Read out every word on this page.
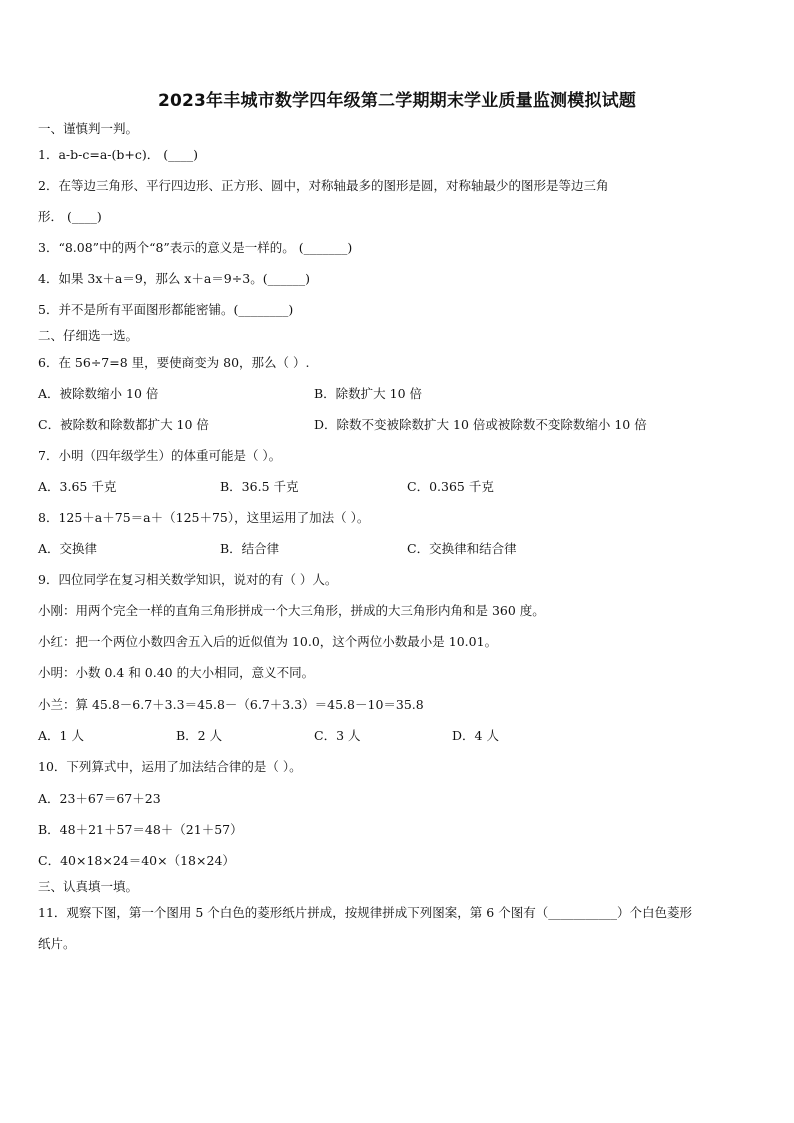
2023年丰城市数学四年级第二学期期末学业质量监测模拟试题
一、谨慎判一判。
1．a-b-c=a-(b+c)． (____)
2．在等边三角形、平行四边形、正方形、圆中，对称轴最多的图形是圆，对称轴最少的图形是等边三角
形． (____)
3．“8.08”中的两个“8”表示的意义是一样的。 (_______)
4．如果 3x＋a＝9，那么 x＋a＝9÷3。(______)
5．并不是所有平面图形都能密铺。(________)
二、仔细选一选。
6．在 56÷7=8 里，要使商变为 80，那么（ ）.
A．被除数缩小 10 倍	B．除数扩大 10 倍
C．被除数和除数都扩大 10 倍	D．除数不变被除数扩大 10 倍或被除数不变除数缩小 10 倍
7．小明（四年级学生）的体重可能是（ ）。
A．3.65 千克	B．36.5 千克	C．0.365 千克
8．125＋a＋75＝a＋（125＋75），这里运用了加法（ ）。
A．交换律	B．结合律	C．交换律和结合律
9．四位同学在复习相关数学知识，说对的有（ ）人。
小刚：用两个完全一样的直角三角形拼成一个大三角形，拼成的大三角形内角和是 360 度。
小红：把一个两位小数四舍五入后的近似值为 10.0，这个两位小数最小是 10.01。
小明：小数 0.4 和 0.40 的大小相同，意义不同。
小兰：算 45.8－6.7＋3.3＝45.8－（6.7＋3.3）＝45.8－10＝35.8
A．1 人	B．2 人	C．3 人	D．4 人
10．下列算式中，运用了加法结合律的是（ ）。
A．23＋67＝67＋23
B．48＋21＋57＝48＋（21＋57）
C．40×18×24＝40×（18×24）
三、认真填一填。
11．观察下图，第一个图用 5 个白色的菱形纸片拼成，按规律拼成下列图案，第 6 个图有（___________）个白色菱形
纸片。
